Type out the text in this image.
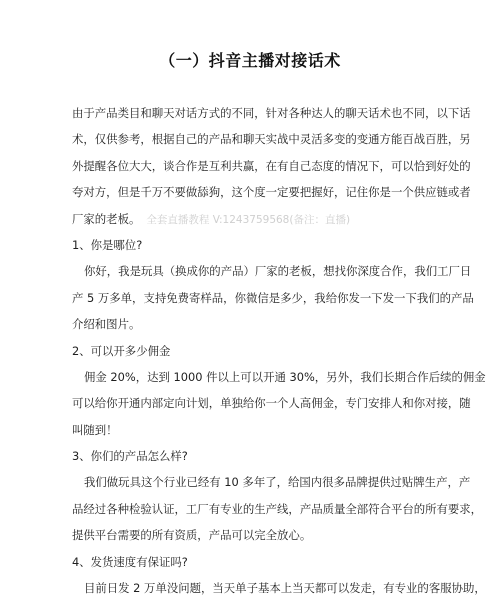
（一）抖音主播对接话术
由于产品类目和聊天对话方式的不同，针对各种达人的聊天话术也不同，以下话
术，仅供参考，根据自己的产品和聊天实战中灵活多变的变通方能百战百胜，另
外提醒各位大大，谈合作是互利共赢，在有自己态度的情况下，可以恰到好处的
夸对方，但是千万不要做舔狗，这个度一定要把握好，记住你是一个供应链或者
厂家的老板。 全套直播教程 V:1243759568(备注：直播)
1、你是哪位?
你好，我是玩具（换成你的产品）厂家的老板，想找你深度合作，我们工厂日
产 5 万多单，支持免费寄样品，你微信是多少，我给你发一下发一下我们的产品
介绍和图片。
2、可以开多少佣金
佣金 20%，达到 1000 件以上可以开通 30%，另外，我们长期合作后续的佣金
可以给你开通内部定向计划，单独给你一个人高佣金，专门安排人和你对接，随
叫随到！
3、你们的产品怎么样?
我们做玩具这个行业已经有 10 多年了，给国内很多品牌提供过贴牌生产，产
品经过各种检验认证，工厂有专业的生产线，产品质量全部符合平台的所有要求，
提供平台需要的所有资质，产品可以完全放心。
4、发货速度有保证吗?
目前日发 2 万单没问题，当天单子基本上当天都可以发走，有专业的客服协助，
